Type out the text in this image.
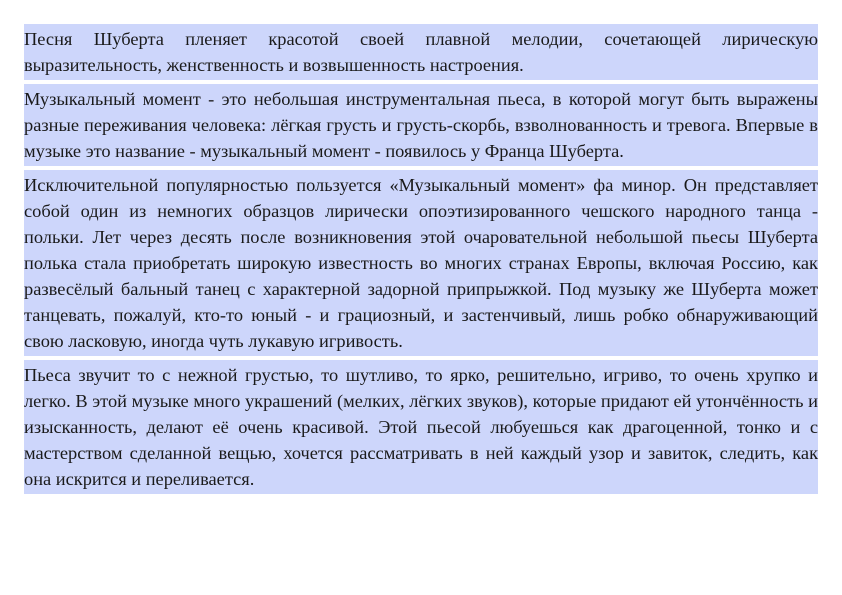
Песня Шуберта пленяет красотой своей плавной мелодии, сочетающей лирическую выразительность, женственность и возвышенность настроения.

Музыкальный момент - это небольшая инструментальная пьеса, в которой могут быть выражены разные переживания человека: лёгкая грусть и грусть-скорбь, взволнованность и тревога. Впервые в музыке это название - музыкальный момент - появилось у Франца Шуберта.

Исключительной популярностью пользуется «Музыкальный момент» фа минор. Он представляет собой один из немногих образцов лирически опоэтизированного чешского народного танца - польки. Лет через десять после возникновения этой очаровательной небольшой пьесы Шуберта полька стала приобретать широкую известность во многих странах Европы, включая Россию, как развесёлый бальный танец с характерной задорной припрыжкой. Под музыку же Шуберта может танцевать, пожалуй, кто-то юный - и грациозный, и застенчивый, лишь робко обнаруживающий свою ласковую, иногда чуть лукавую игривость.

Пьеса звучит то с нежной грустью, то шутливо, то ярко, решительно, игриво, то очень хрупко и легко. В этой музыке много украшений (мелких, лёгких звуков), которые придают ей утончённость и изысканность, делают её очень красивой. Этой пьесой любуешься как драгоценной, тонко и с мастерством сделанной вещью, хочется рассматривать в ней каждый узор и завиток, следить, как она искрится и переливается.
